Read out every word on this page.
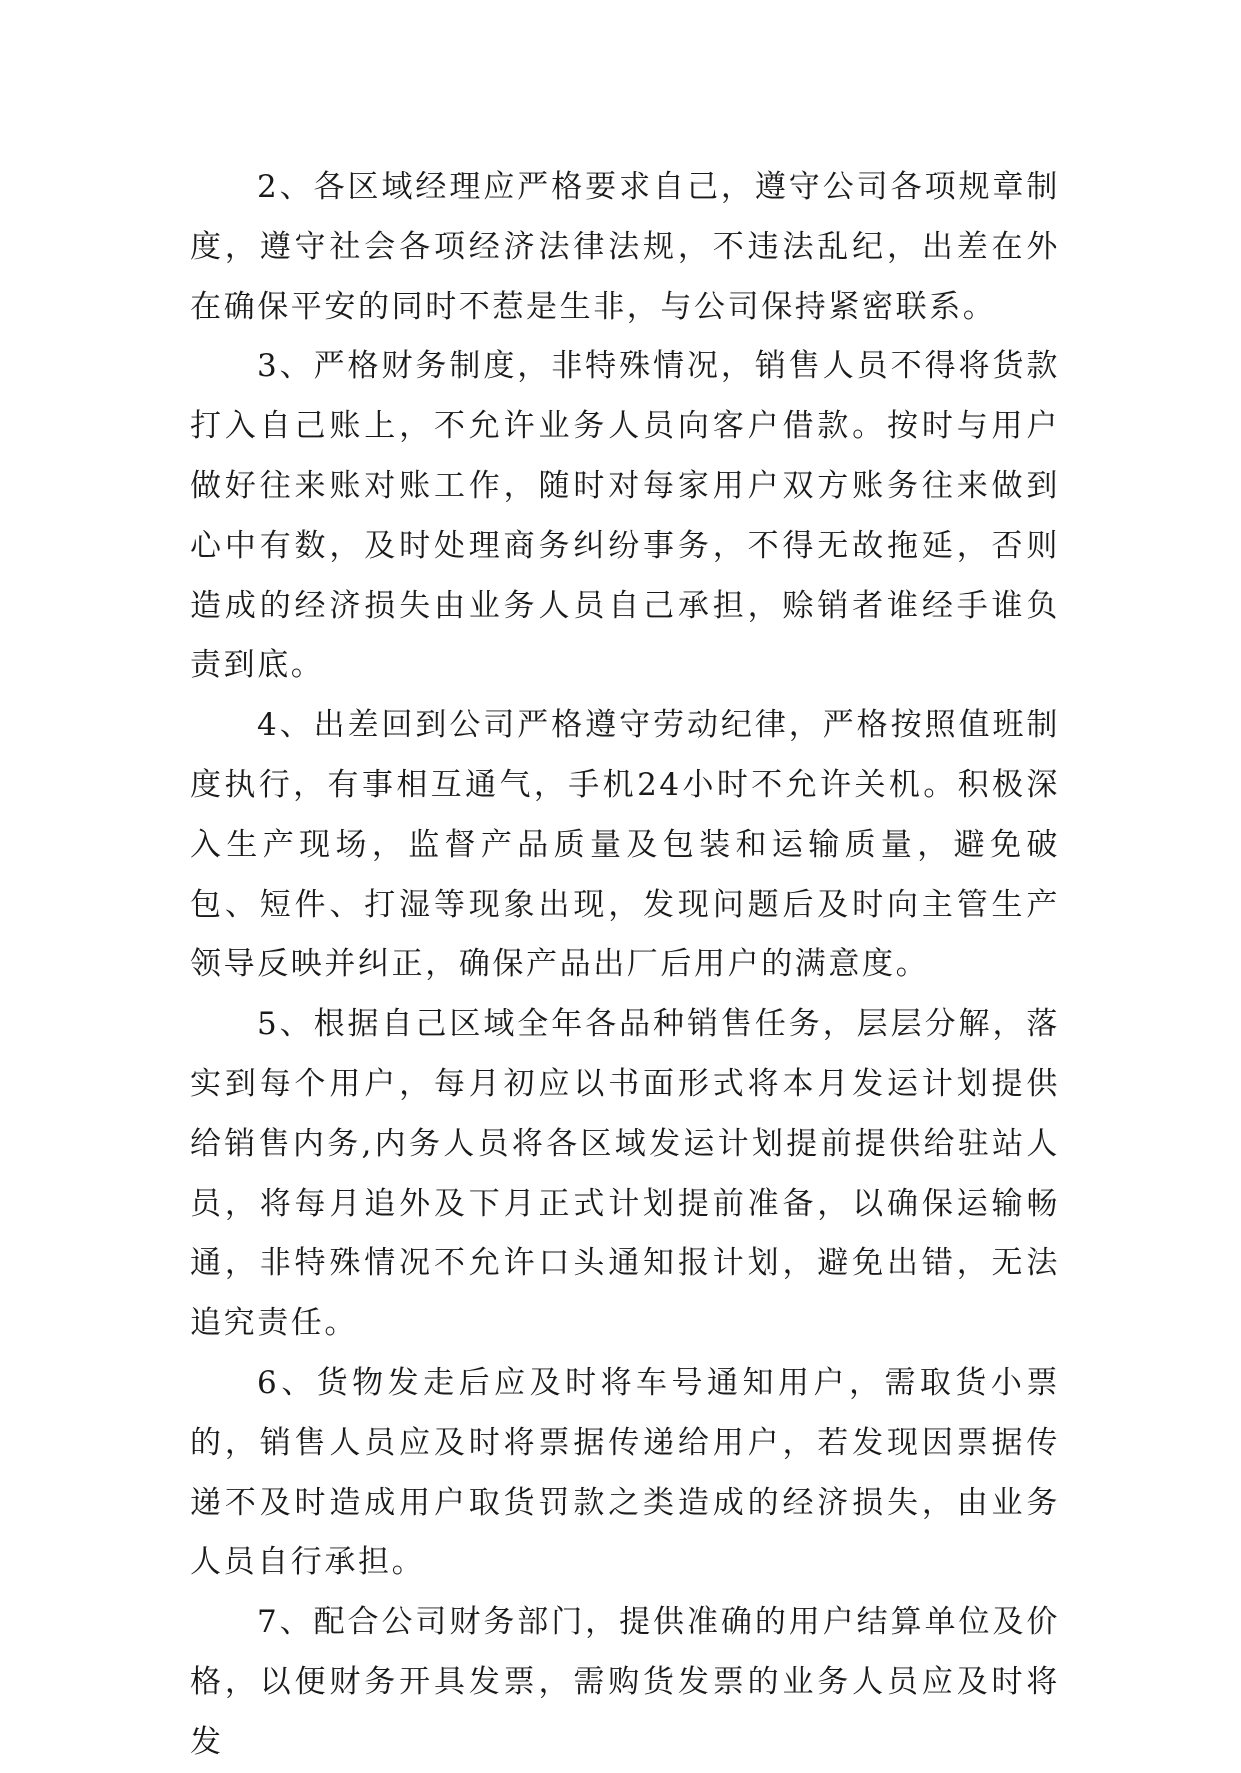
2、各区域经理应严格要求自己，遵守公司各项规章制度，遵守社会各项经济法律法规，不违法乱纪，出差在外在确保平安的同时不惹是生非，与公司保持紧密联系。

3、严格财务制度，非特殊情况，销售人员不得将货款打入自己账上，不允许业务人员向客户借款。按时与用户做好往来账对账工作，随时对每家用户双方账务往来做到心中有数，及时处理商务纠纷事务，不得无故拖延，否则造成的经济损失由业务人员自己承担，赊销者谁经手谁负责到底。

4、出差回到公司严格遵守劳动纪律，严格按照值班制度执行，有事相互通气，手机24小时不允许关机。积极深入生产现场，监督产品质量及包装和运输质量，避免破包、短件、打湿等现象出现，发现问题后及时向主管生产领导反映并纠正，确保产品出厂后用户的满意度。

5、根据自己区域全年各品种销售任务，层层分解，落实到每个用户，每月初应以书面形式将本月发运计划提供给销售内务,内务人员将各区域发运计划提前提供给驻站人员，将每月追外及下月正式计划提前准备，以确保运输畅通，非特殊情况不允许口头通知报计划，避免出错，无法追究责任。

6、货物发走后应及时将车号通知用户，需取货小票的，销售人员应及时将票据传递给用户，若发现因票据传递不及时造成用户取货罚款之类造成的经济损失，由业务人员自行承担。

7、配合公司财务部门，提供准确的用户结算单位及价格，以便财务开具发票，需购货发票的业务人员应及时将发
